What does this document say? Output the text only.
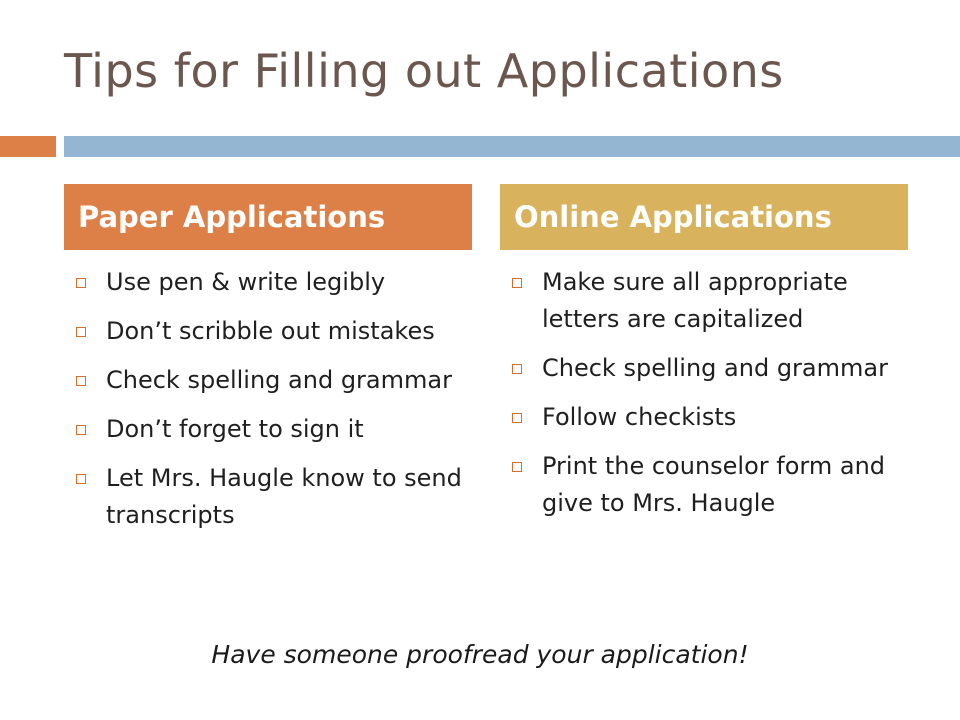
Tips for Filling out Applications
Paper Applications	Online Applications
Use pen & write legibly
Don’t scribble out mistakes
Check spelling and grammar
Don’t forget to sign it
Let Mrs. Haugle know to send transcripts
Make sure all appropriate letters are capitalized
Check spelling and grammar
Follow checkists
Print the counselor form and give to Mrs. Haugle
Have someone proofread your application!
